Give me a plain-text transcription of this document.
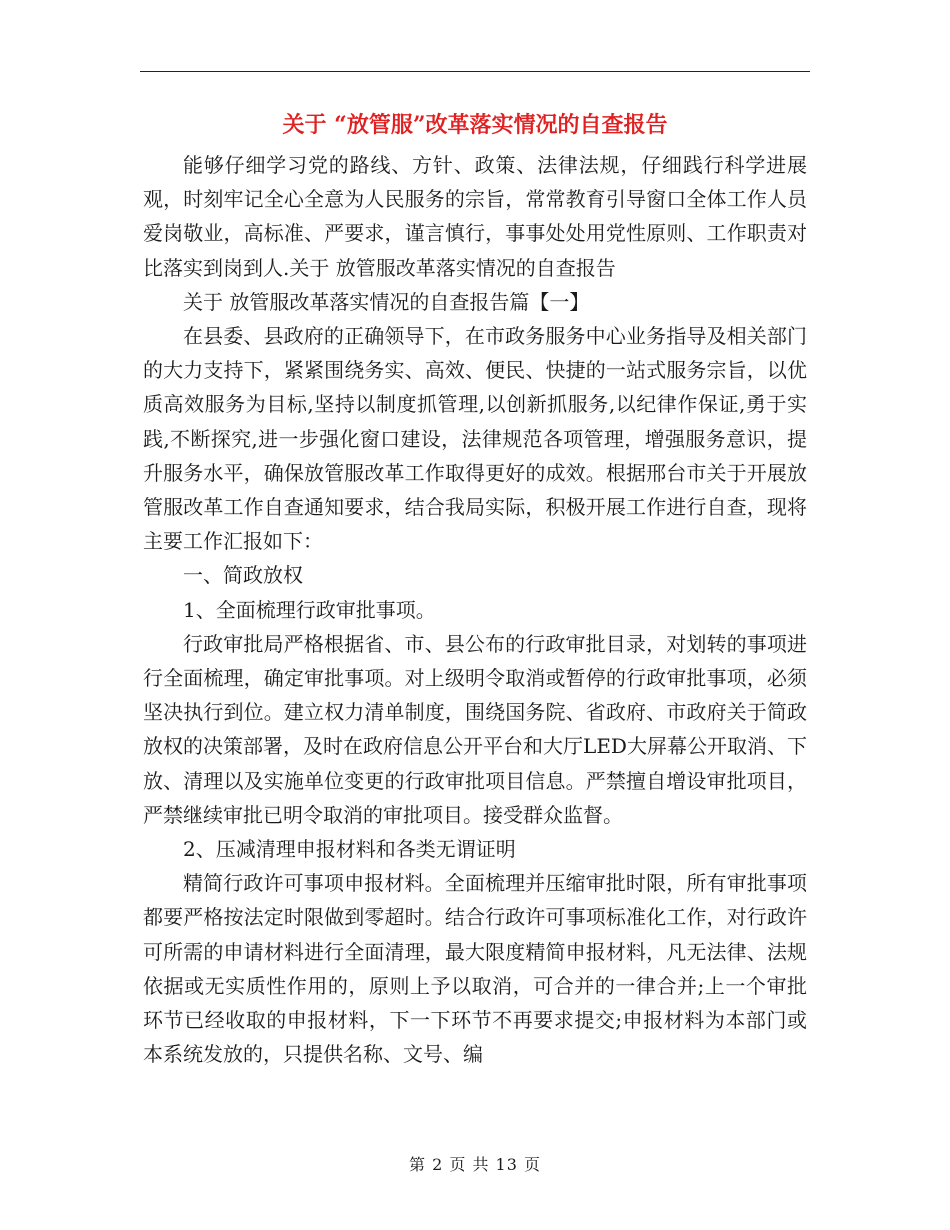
关于 “放管服”改革落实情况的自查报告

能够仔细学习党的路线、方针、政策、法律法规，仔细践行科学进展观，时刻牢记全心全意为人民服务的宗旨，常常教育引导窗口全体工作人员爱岗敬业，高标准、严要求，谨言慎行，事事处处用党性原则、工作职责对比落实到岗到人.关于 放管服改革落实情况的自查报告

关于 放管服改革落实情况的自查报告篇【一】

在县委、县政府的正确领导下，在市政务服务中心业务指导及相关部门的大力支持下，紧紧围绕务实、高效、便民、快捷的一站式服务宗旨，以优质高效服务为目标,坚持以制度抓管理,以创新抓服务,以纪律作保证,勇于实践,不断探究,进一步强化窗口建设，法律规范各项管理，增强服务意识，提升服务水平，确保放管服改革工作取得更好的成效。根据邢台市关于开展放管服改革工作自查通知要求，结合我局实际，积极开展工作进行自查，现将主要工作汇报如下：

一、简政放权

1、全面梳理行政审批事项。

行政审批局严格根据省、市、县公布的行政审批目录，对划转的事项进行全面梳理，确定审批事项。对上级明令取消或暂停的行政审批事项，必须坚决执行到位。建立权力清单制度，围绕国务院、省政府、市政府关于简政放权的决策部署，及时在政府信息公开平台和大厅LED大屏幕公开取消、下放、清理以及实施单位变更的行政审批项目信息。严禁擅自增设审批项目，严禁继续审批已明令取消的审批项目。接受群众监督。

2、压减清理申报材料和各类无谓证明

精简行政许可事项申报材料。全面梳理并压缩审批时限，所有审批事项都要严格按法定时限做到零超时。结合行政许可事项标准化工作，对行政许可所需的申请材料进行全面清理，最大限度精简申报材料，凡无法律、法规依据或无实质性作用的，原则上予以取消，可合并的一律合并;上一个审批环节已经收取的申报材料，下一下环节不再要求提交;申报材料为本部门或本系统发放的，只提供名称、文号、编

第 2 页 共 13 页
